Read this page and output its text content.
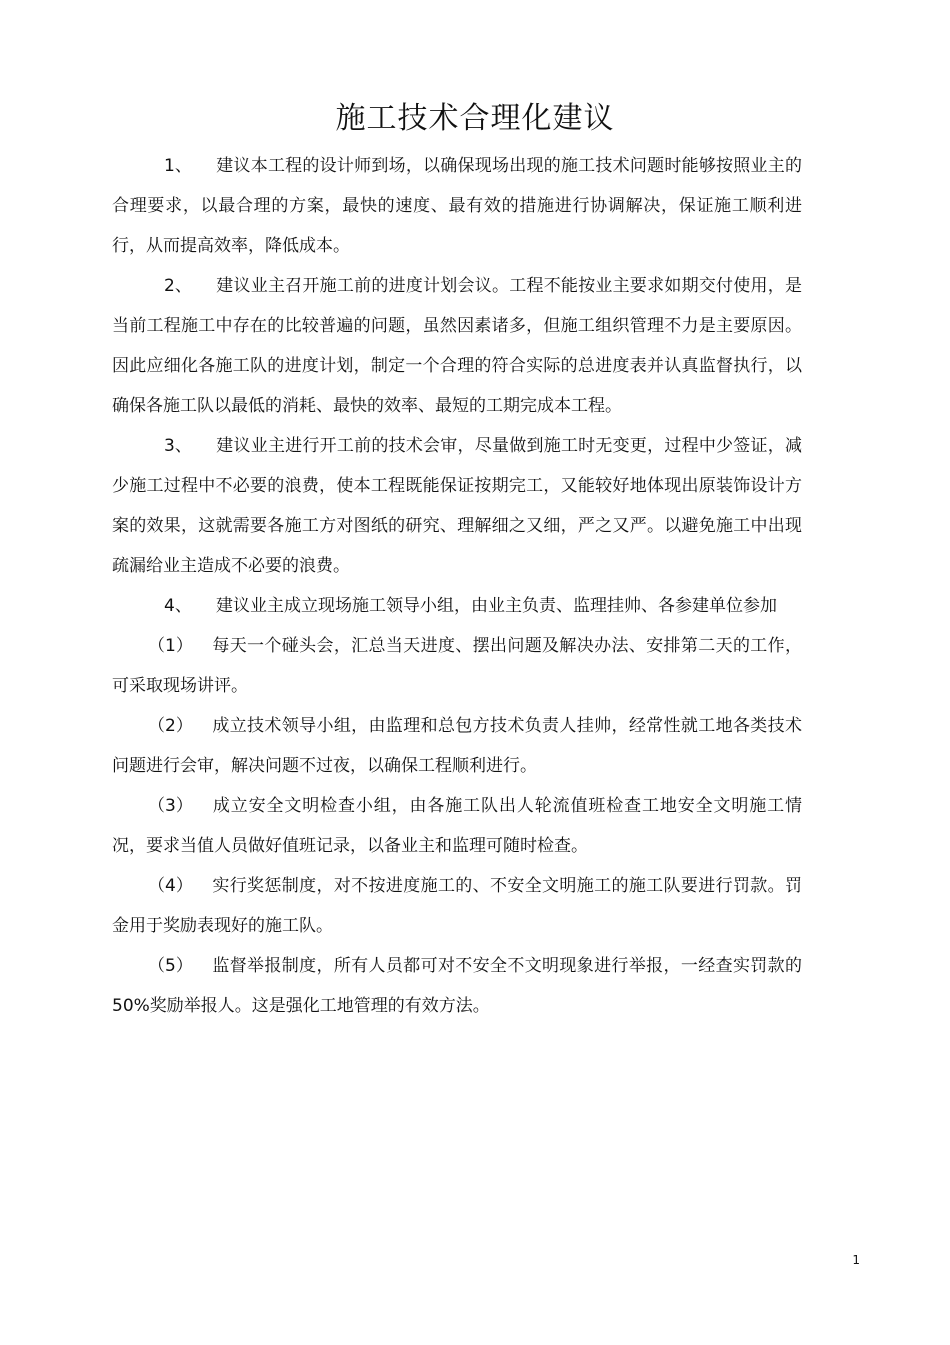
施工技术合理化建议

1、 建议本工程的设计师到场，以确保现场出现的施工技术问题时能够按照业主的合理要求，以最合理的方案，最快的速度、最有效的措施进行协调解决，保证施工顺利进行，从而提高效率，降低成本。

2、 建议业主召开施工前的进度计划会议。工程不能按业主要求如期交付使用，是当前工程施工中存在的比较普遍的问题，虽然因素诸多，但施工组织管理不力是主要原因。因此应细化各施工队的进度计划，制定一个合理的符合实际的总进度表并认真监督执行，以确保各施工队以最低的消耗、最快的效率、最短的工期完成本工程。

3、 建议业主进行开工前的技术会审，尽量做到施工时无变更，过程中少签证，减少施工过程中不必要的浪费，使本工程既能保证按期完工，又能较好地体现出原装饰设计方案的效果，这就需要各施工方对图纸的研究、理解细之又细，严之又严。以避免施工中出现疏漏给业主造成不必要的浪费。

4、 建议业主成立现场施工领导小组，由业主负责、监理挂帅、各参建单位参加

（1） 每天一个碰头会，汇总当天进度、摆出问题及解决办法、安排第二天的工作，可采取现场讲评。

（2） 成立技术领导小组，由监理和总包方技术负责人挂帅，经常性就工地各类技术问题进行会审，解决问题不过夜，以确保工程顺利进行。

（3） 成立安全文明检查小组，由各施工队出人轮流值班检查工地安全文明施工情况，要求当值人员做好值班记录，以备业主和监理可随时检查。

（4） 实行奖惩制度，对不按进度施工的、不安全文明施工的施工队要进行罚款。罚金用于奖励表现好的施工队。

（5） 监督举报制度，所有人员都可对不安全不文明现象进行举报，一经查实罚款的 50%奖励举报人。这是强化工地管理的有效方法。

1
